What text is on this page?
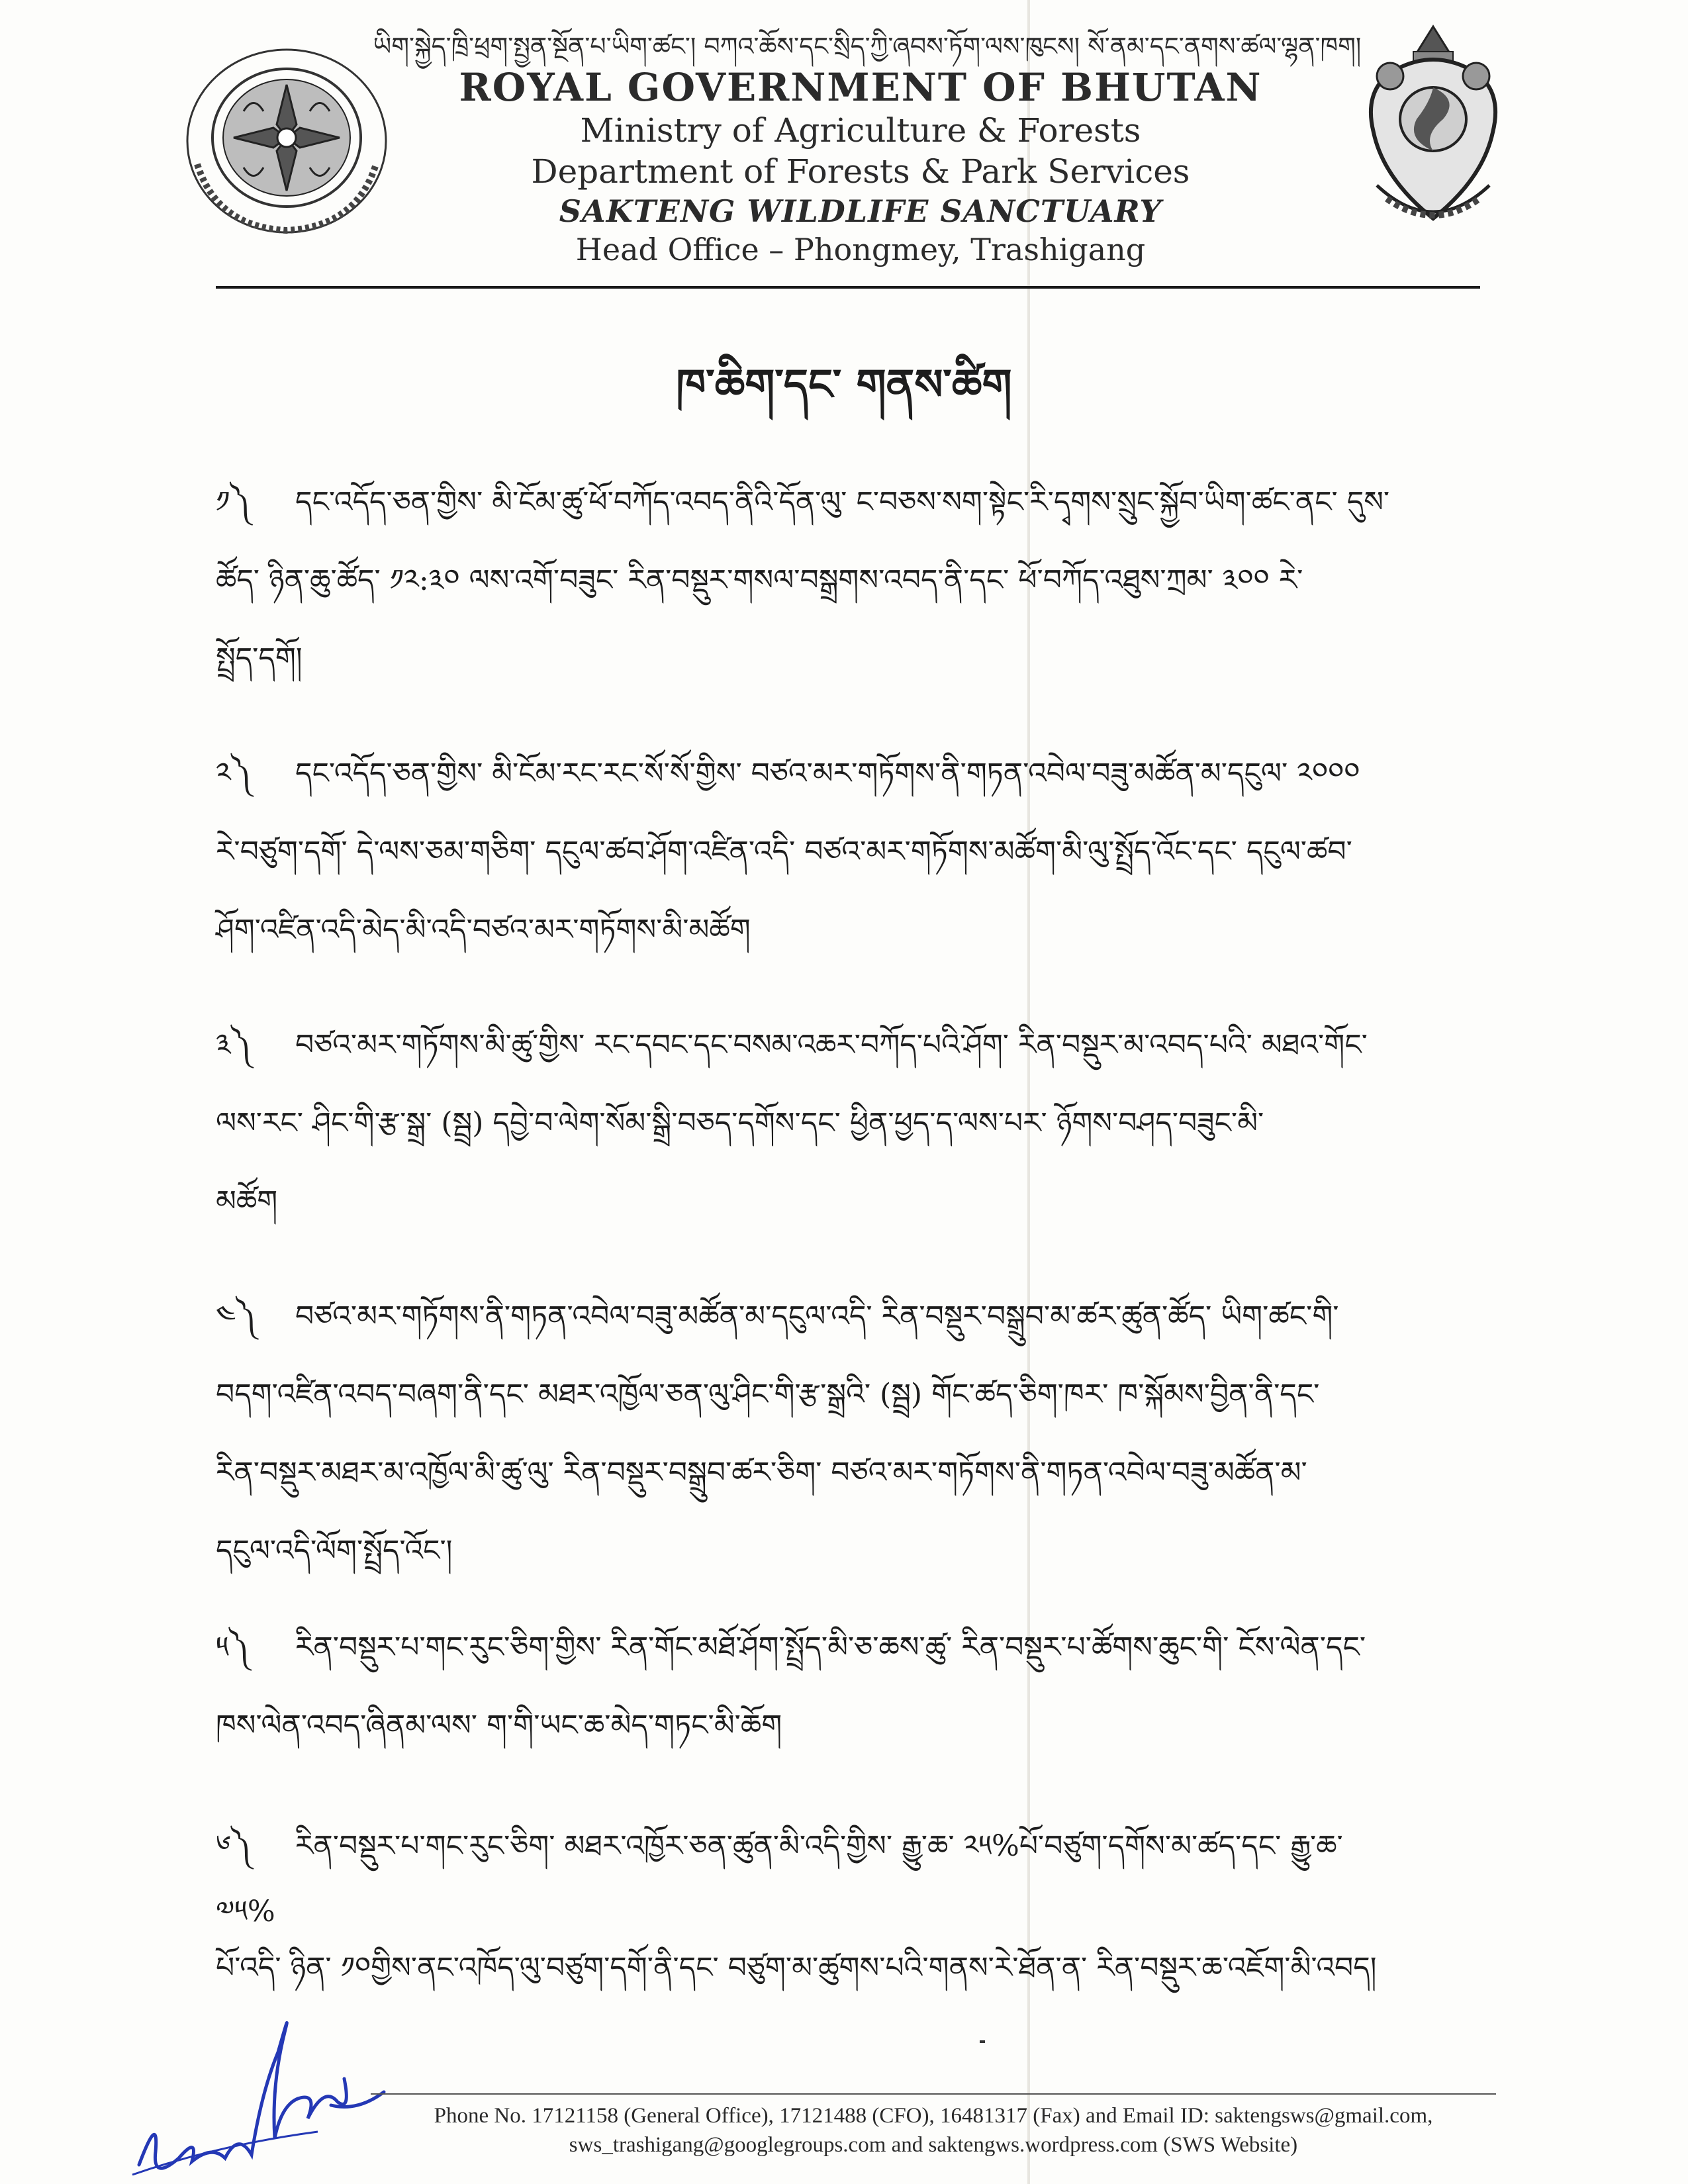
ཡིག་སྐྱེད་ཁྲི་ཕྲག་སྤྱན་སྔོན་པ་ཡིག་ཚང་། བཀའ་ཆོས་དང་སྲིད་ཀྱི་ཞབས་ཏོག་ལས་ཁུངས། སོ་ནམ་དང་ནགས་ཚལ་ལྷན་ཁག།
ROYAL GOVERNMENT OF BHUTAN
Ministry of Agriculture & Forests
Department of Forests & Park Services
SAKTENG WILDLIFE SANCTUARY
Head Office – Phongmey, Trashigang
ཁ་ཆིག་དང་ གནས་ཚིག
༡༽ དང་འདོད་ཅན་གྱིས་ མི་ངོམ་ཚུ་ཕོ་བཀོད་འབད་ནིའི་དོན་ལུ་ ང་བཅས་སག་སྟེང་རི་དྭགས་སྲུང་སྐྱོབ་ཡིག་ཚང་ནང་ དུས་
ཚོད་ ཉིན་ཆུ་ཚོད་ ༡༢:༣༠ ལས་འགོ་བཟུང་ རིན་བསྡུར་གསལ་བསྒྲགས་འབད་ནི་དང་ ཕོ་བཀོད་འཐུས་ཀྲམ་ ༣༠༠ རེ་
སྤྲོད་དགོ།
༢༽ དང་འདོད་ཅན་གྱིས་ མི་ངོམ་རང་རང་སོ་སོ་གྱིས་ བཙའ་མར་གཏོགས་ནི་གཏན་འབེལ་བཟུ་མཚོན་མ་དངུལ་ ༢༠༠༠
རེ་བཙུག་དགོ་ དེ་ལས་ཅམ་གཅིག་ དངུལ་ཚབ་ཤོག་འཛིན་འདི་ བཙའ་མར་གཏོགས་མཚོག་མི་ལུ་སྤྲོད་འོང་དང་ དངུལ་ཚབ་
ཤོག་འཛིན་འདི་མེད་མི་འདི་བཙའ་མར་གཏོགས་མི་མཚོག
༣༽ བཙའ་མར་གཏོགས་མི་ཚུ་གྱིས་ རང་དབང་དང་བསམ་འཆར་བཀོད་པའི་ཤོག་ རིན་བསྡུར་མ་འབད་པའི་ མཐའ་གོང་
ལས་རང་ ཤིང་གི་རྩ་སྒྲ་ (སྦྲ) དབྱེ་བ་ལེག་སོམ་སྒྲི་བཅད་དགོས་དང་ ཕྱིན་ཕྱད་ད་ལས་པར་ ཉོགས་བཤད་བཟུང་མི་
མཚོག
༤༽ བཙའ་མར་གཏོགས་ནི་གཏན་འབེལ་བཟུ་མཚོན་མ་དངུལ་འདི་ རིན་བསྡུར་བསྒྲུབ་མ་ཚར་ཚུན་ཚོད་ ཡིག་ཚང་གི་
བདག་འཛིན་འབད་བཞག་ནི་དང་ མཐར་འཁྱོལ་ཅན་ལུ་ཤིང་གི་རྩ་སྒྲའི་ (སྦྲ) གོང་ཚད་ཅིག་ཁར་ ཁ་སྐོམས་བྱིན་ནི་དང་
རིན་བསྡུར་མཐར་མ་འཁྱོལ་མི་ཚུ་ལུ་ རིན་བསྡུར་བསྒྲུབ་ཚར་ཅིག་ བཙའ་མར་གཏོགས་ནི་གཏན་འབེལ་བཟུ་མཚོན་མ་
དངུལ་འདི་ལོག་སྤྲོད་འོང་།
༥༽ རིན་བསྡུར་པ་གང་རུང་ཅིག་གྱིས་ རིན་གོང་མཐོ་ཤོག་སྤྲོད་མི་ཅ་ཆས་ཚུ་ རིན་བསྡུར་པ་ཚོགས་ཆུང་གི་ ངོས་ལེན་དང་
ཁས་ལེན་འབད་ཞིནམ་ལས་ ག་གི་ཡང་ཆ་མེད་གཏང་མི་ཆོག
༦༽ རིན་བསྡུར་པ་གང་རུང་ཅིག་ མཐར་འཁྱོར་ཅན་ཚུན་མི་འདི་གྱིས་ རྒྱུ་ཆ་ ༢༥%པོ་བཙུག་དགོས་མ་ཚད་དང་ རྒྱུ་ཆ་
༧༥%
པོ་འདི་ ཉིན་ ༡༠གྱིས་ནང་འཁོད་ལུ་བཙུག་དགོ་ནི་དང་ བཙུག་མ་ཚུགས་པའི་གནས་རེ་ཐོན་ན་ རིན་བསྡུར་ཆ་འཇོག་མི་འབད།
Phone No. 17121158 (General Office), 17121488 (CFO), 16481317 (Fax) and Email ID: saktengsws@gmail.com,
sws_trashigang@googlegroups.com and saktengws.wordpress.com (SWS Website)
